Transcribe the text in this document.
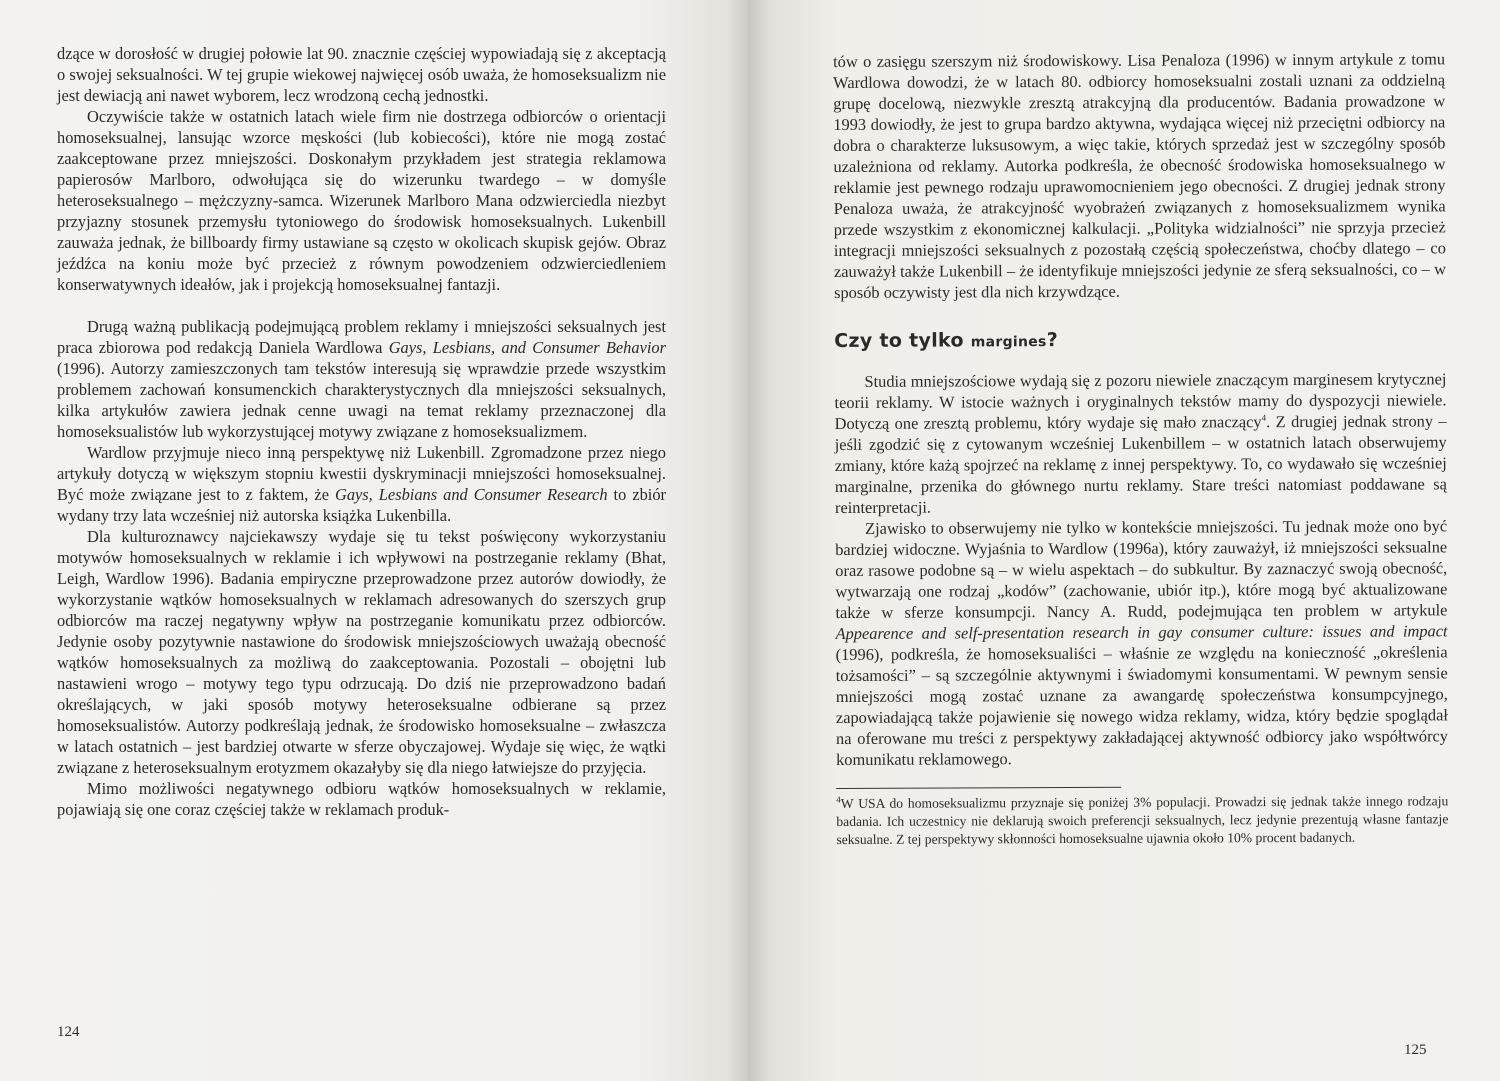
dzące w dorosłość w drugiej połowie lat 90. znacznie częściej wypowiadają się z akceptacją o swojej seksualności. W tej grupie wiekowej najwięcej osób uważa, że homoseksualizm nie jest dewiacją ani nawet wyborem, lecz wrodzoną cechą jednostki.

Oczywiście także w ostatnich latach wiele firm nie dostrzega odbiorców o orientacji homoseksualnej, lansując wzorce męskości (lub kobiecości), które nie mogą zostać zaakceptowane przez mniejszości. Doskonałym przykładem jest strategia reklamowa papierosów Marlboro, odwołująca się do wizerunku twardego – w domyśle heteroseksualnego – mężczyzny-samca. Wizerunek Marlboro Mana odzwierciedla niezbyt przyjazny stosunek przemysłu tytoniowego do środowisk homoseksualnych. Lukenbill zauważa jednak, że billboardy firmy ustawiane są często w okolicach skupisk gejów. Obraz jeźdźca na koniu może być przecież z równym powodzeniem odzwierciedleniem konserwatywnych ideałów, jak i projekcją homoseksualnej fantazji.

Drugą ważną publikacją podejmującą problem reklamy i mniejszości seksualnych jest praca zbiorowa pod redakcją Daniela Wardlowa Gays, Lesbians, and Consumer Behavior (1996). Autorzy zamieszczonych tam tekstów interesują się wprawdzie przede wszystkim problemem zachowań konsumenckich charakterystycznych dla mniejszości seksualnych, kilka artykułów zawiera jednak cenne uwagi na temat reklamy przeznaczonej dla homoseksualistów lub wykorzystującej motywy związane z homoseksualizmem.

Wardlow przyjmuje nieco inną perspektywę niż Lukenbill. Zgromadzone przez niego artykuły dotyczą w większym stopniu kwestii dyskryminacji mniejszości homoseksualnej. Być może związane jest to z faktem, że Gays, Lesbians and Consumer Research to zbiór wydany trzy lata wcześniej niż autorska książka Lukenbilla.

Dla kulturoznawcy najciekawszy wydaje się tu tekst poświęcony wykorzystaniu motywów homoseksualnych w reklamie i ich wpływowi na postrzeganie reklamy (Bhat, Leigh, Wardlow 1996). Badania empiryczne przeprowadzone przez autorów dowiodły, że wykorzystanie wątków homoseksualnych w reklamach adresowanych do szerszych grup odbiorców ma raczej negatywny wpływ na postrzeganie komunikatu przez odbiorców. Jedynie osoby pozytywnie nastawione do środowisk mniejszościowych uważają obecność wątków homoseksualnych za możliwą do zaakceptowania. Pozostali – obojętni lub nastawieni wrogo – motywy tego typu odrzucają. Do dziś nie przeprowadzono badań określających, w jaki sposób motywy heteroseksualne odbierane są przez homoseksualistów. Autorzy podkreślają jednak, że środowisko homoseksualne – zwłaszcza w latach ostatnich – jest bardziej otwarte w sferze obyczajowej. Wydaje się więc, że wątki związane z heteroseksualnym erotyzmem okazałyby się dla niego łatwiejsze do przyjęcia.

Mimo możliwości negatywnego odbioru wątków homoseksualnych w reklamie, pojawiają się one coraz częściej także w reklamach produk-

124

tów o zasięgu szerszym niż środowiskowy. Lisa Penaloza (1996) w innym artykule z tomu Wardlowa dowodzi, że w latach 80. odbiorcy homoseksualni zostali uznani za oddzielną grupę docelową, niezwykle zresztą atrakcyjną dla producentów. Badania prowadzone w 1993 dowiodły, że jest to grupa bardzo aktywna, wydająca więcej niż przeciętni odbiorcy na dobra o charakterze luksusowym, a więc takie, których sprzedaż jest w szczególny sposób uzależniona od reklamy. Autorka podkreśla, że obecność środowiska homoseksualnego w reklamie jest pewnego rodzaju uprawomocnieniem jego obecności. Z drugiej jednak strony Penaloza uważa, że atrakcyjność wyobrażeń związanych z homoseksualizmem wynika przede wszystkim z ekonomicznej kalkulacji. „Polityka widzialności” nie sprzyja przecież integracji mniejszości seksualnych z pozostałą częścią społeczeństwa, choćby dlatego – co zauważył także Lukenbill – że identyfikuje mniejszości jedynie ze sferą seksualności, co – w sposób oczywisty jest dla nich krzywdzące.

Czy to tylko marginеs?

Studia mniejszościowe wydają się z pozoru niewiele znaczącym marginesem krytycznej teorii reklamy. W istocie ważnych i oryginalnych tekstów mamy do dyspozycji niewiele. Dotyczą one zresztą problemu, który wydaje się mało znaczący$^4$. Z drugiej jednak strony – jeśli zgodzić się z cytowanym wcześniej Lukenbillem – w ostatnich latach obserwujemy zmiany, które każą spojrzeć na reklamę z innej perspektywy. To, co wydawało się wcześniej marginalne, przenika do głównego nurtu reklamy. Stare treści natomiast poddawane są reinterpretacji.

Zjawisko to obserwujemy nie tylko w kontekście mniejszości. Tu jednak może ono być bardziej widoczne. Wyjaśnia to Wardlow (1996a), który zauważył, iż mniejszości seksualne oraz rasowe podobne są – w wielu aspektach – do subkultur. By zaznaczyć swoją obecność, wytwarzają one rodzaj „kodów” (zachowanie, ubiór itp.), które mogą być aktualizowane także w sferze konsumpcji. Nancy A. Rudd, podejmująca ten problem w artykule Appearence and self-presentation research in gay consumer culture: issues and impact (1996), podkreśla, że homoseksualiści – właśnie ze względu na konieczność „określenia tożsamości” – są szczególnie aktywnymi i świadomymi konsumentami. W pewnym sensie mniejszości mogą zostać uznane za awangardę społeczeństwa konsumpcyjnego, zapowiadającą także pojawienie się nowego widza reklamy, widza, który będzie spoglądał na oferowane mu treści z perspektywy zakładającej aktywność odbiorcy jako współtwórcy komunikatu reklamowego.

$^4$W USA do homoseksualizmu przyznaje się poniżej 3% populacji. Prowadzi się jednak także innego rodzaju badania. Ich uczestnicy nie deklarują swoich preferencji seksualnych, lecz jedynie prezentują własne fantazje seksualne. Z tej perspektywy skłonności homoseksualne ujawnia około 10% procent badanych.
125
